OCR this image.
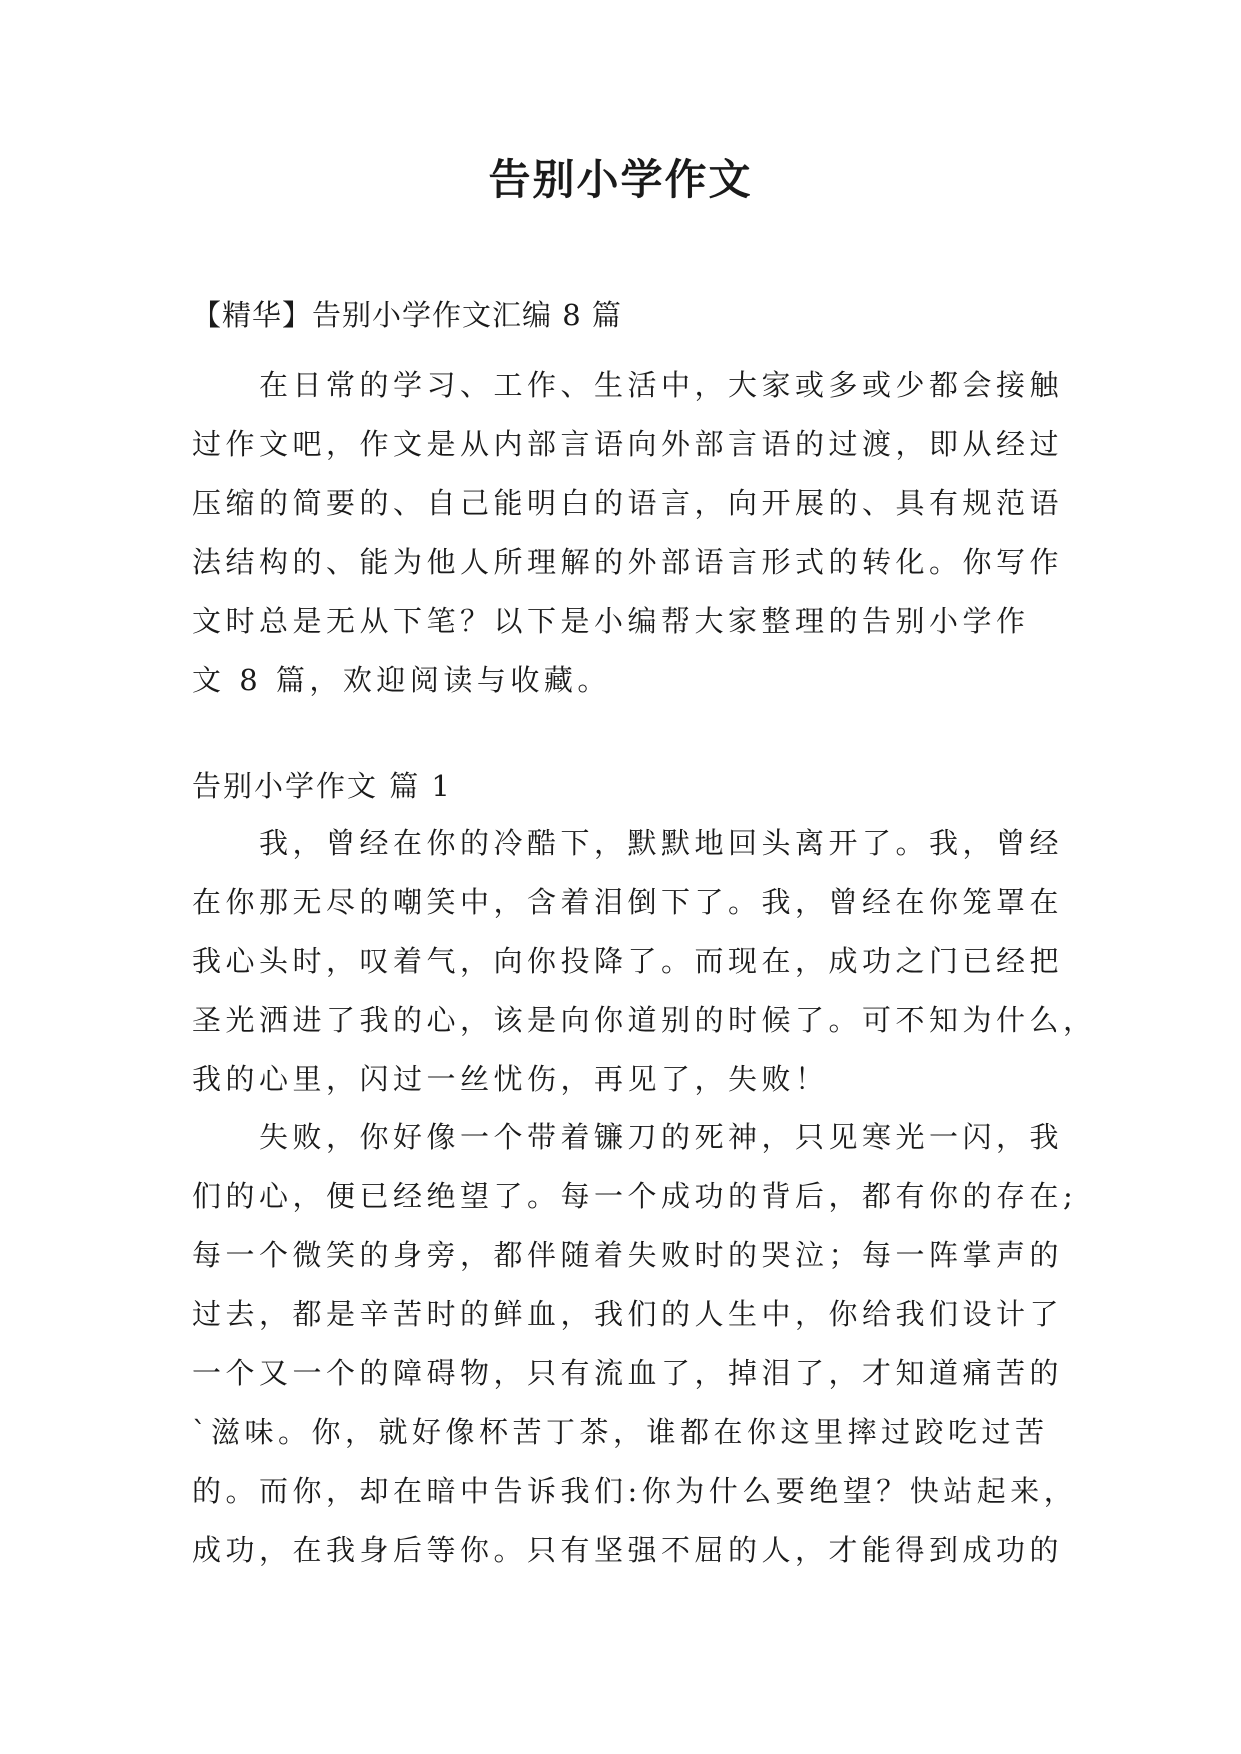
告别小学作文

【精华】告别小学作文汇编 8 篇

　　在日常的学习、工作、生活中，大家或多或少都会接触
过作文吧，作文是从内部言语向外部言语的过渡，即从经过
压缩的简要的、自己能明白的语言，向开展的、具有规范语
法结构的、能为他人所理解的外部语言形式的转化。你写作
文时总是无从下笔？以下是小编帮大家整理的告别小学作
文 8 篇，欢迎阅读与收藏。

告别小学作文 篇 1

　　我，曾经在你的冷酷下，默默地回头离开了。我，曾经
在你那无尽的嘲笑中，含着泪倒下了。我，曾经在你笼罩在
我心头时，叹着气，向你投降了。而现在，成功之门已经把
圣光洒进了我的心，该是向你道别的时候了。可不知为什么，
我的心里，闪过一丝忧伤，再见了，失败！
　　失败，你好像一个带着镰刀的死神，只见寒光一闪，我
们的心，便已经绝望了。每一个成功的背后，都有你的存在;
每一个微笑的身旁，都伴随着失败时的哭泣；每一阵掌声的
过去，都是辛苦时的鲜血，我们的人生中，你给我们设计了
一个又一个的障碍物，只有流血了，掉泪了，才知道痛苦的
`滋味。你，就好像杯苦丁茶，谁都在你这里摔过跤吃过苦
的。而你，却在暗中告诉我们:你为什么要绝望？快站起来，
成功，在我身后等你。只有坚强不屈的人，才能得到成功的
